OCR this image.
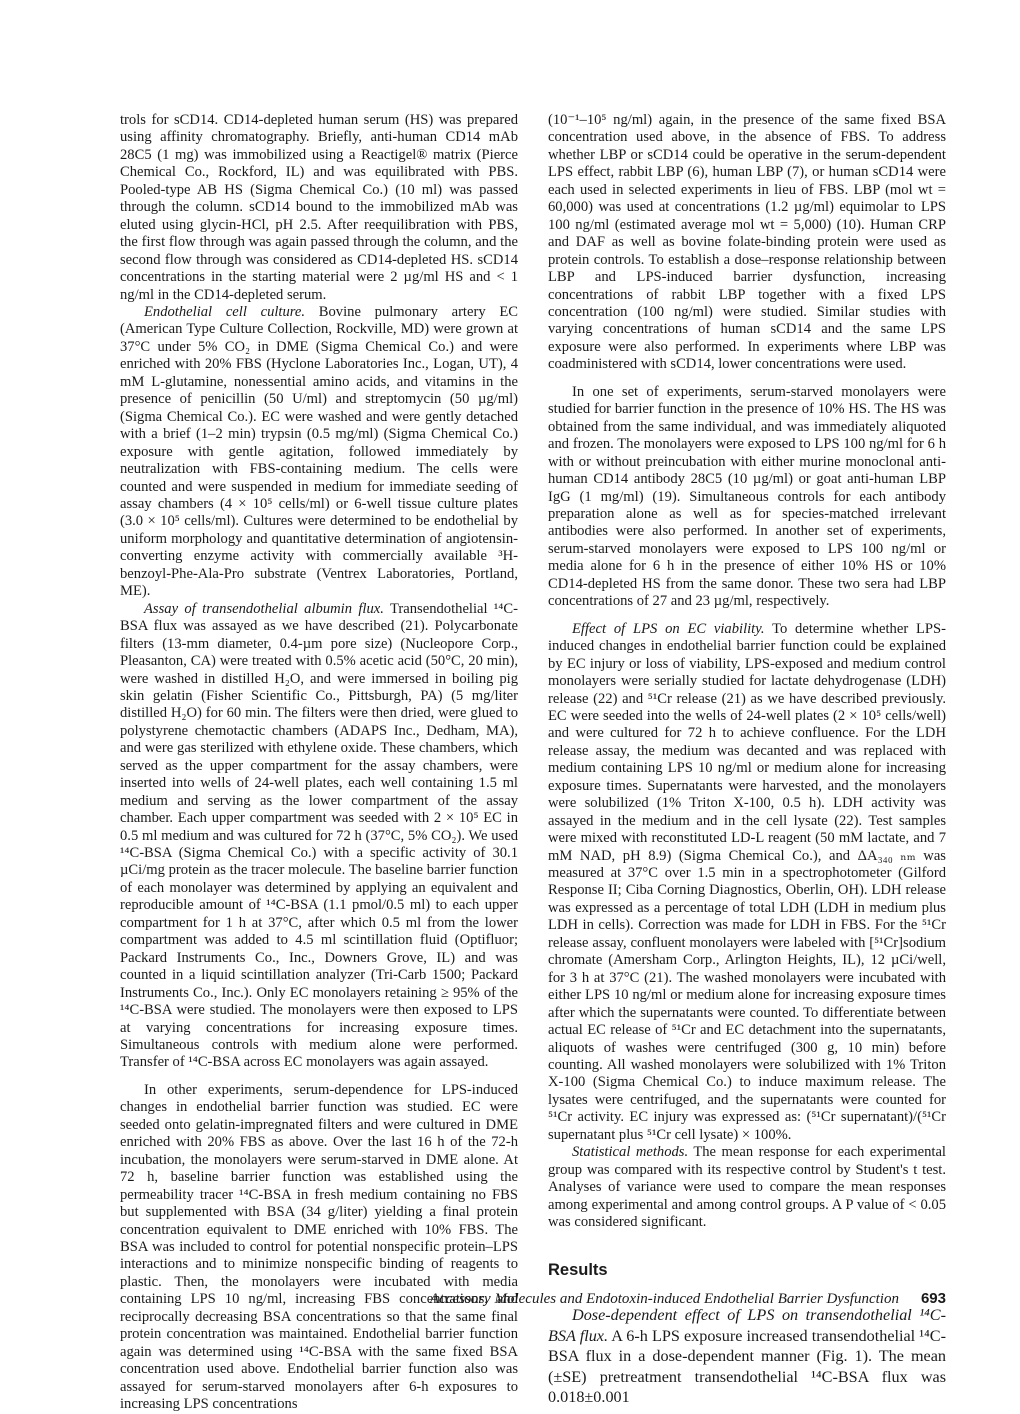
trols for sCD14. CD14-depleted human serum (HS) was prepared using affinity chromatography. Briefly, anti-human CD14 mAb 28C5 (1 mg) was immobilized using a Reactigel® matrix (Pierce Chemical Co., Rockford, IL) and was equilibrated with PBS. Pooled-type AB HS (Sigma Chemical Co.) (10 ml) was passed through the column. sCD14 bound to the immobilized mAb was eluted using glycin-HCl, pH 2.5. After reequilibration with PBS, the first flow through was again passed through the column, and the second flow through was considered as CD14-depleted HS. sCD14 concentrations in the starting material were 2 µg/ml HS and < 1 ng/ml in the CD14-depleted serum.

Endothelial cell culture. Bovine pulmonary artery EC (American Type Culture Collection, Rockville, MD) were grown at 37°C under 5% CO₂ in DME (Sigma Chemical Co.) and were enriched with 20% FBS (Hyclone Laboratories Inc., Logan, UT), 4 mM L-glutamine, nonessential amino acids, and vitamins in the presence of penicillin (50 U/ml) and streptomycin (50 µg/ml) (Sigma Chemical Co.). EC were washed and were gently detached with a brief (1–2 min) trypsin (0.5 mg/ml) (Sigma Chemical Co.) exposure with gentle agitation, followed immediately by neutralization with FBS-containing medium. The cells were counted and were suspended in medium for immediate seeding of assay chambers (4 × 10⁵ cells/ml) or 6-well tissue culture plates (3.0 × 10⁵ cells/ml). Cultures were determined to be endothelial by uniform morphology and quantitative determination of angiotensin-converting enzyme activity with commercially available ³H-benzoyl-Phe-Ala-Pro substrate (Ventrex Laboratories, Portland, ME).

Assay of transendothelial albumin flux. Transendothelial ¹⁴C-BSA flux was assayed as we have described (21). Polycarbonate filters (13-mm diameter, 0.4-µm pore size) (Nucleopore Corp., Pleasanton, CA) were treated with 0.5% acetic acid (50°C, 20 min), were washed in distilled H₂O, and were immersed in boiling pig skin gelatin (Fisher Scientific Co., Pittsburgh, PA) (5 mg/liter distilled H₂O) for 60 min. The filters were then dried, were glued to polystyrene chemotactic chambers (ADAPS Inc., Dedham, MA), and were gas sterilized with ethylene oxide. These chambers, which served as the upper compartment for the assay chambers, were inserted into wells of 24-well plates, each well containing 1.5 ml medium and serving as the lower compartment of the assay chamber. Each upper compartment was seeded with 2 × 10⁵ EC in 0.5 ml medium and was cultured for 72 h (37°C, 5% CO₂). We used ¹⁴C-BSA (Sigma Chemical Co.) with a specific activity of 30.1 µCi/mg protein as the tracer molecule. The baseline barrier function of each monolayer was determined by applying an equivalent and reproducible amount of ¹⁴C-BSA (1.1 pmol/0.5 ml) to each upper compartment for 1 h at 37°C, after which 0.5 ml from the lower compartment was added to 4.5 ml scintillation fluid (Optifluor; Packard Instruments Co., Inc., Downers Grove, IL) and was counted in a liquid scintillation analyzer (Tri-Carb 1500; Packard Instruments Co., Inc.). Only EC monolayers retaining ≥ 95% of the ¹⁴C-BSA were studied. The monolayers were then exposed to LPS at varying concentrations for increasing exposure times. Simultaneous controls with medium alone were performed. Transfer of ¹⁴C-BSA across EC monolayers was again assayed.

In other experiments, serum-dependence for LPS-induced changes in endothelial barrier function was studied. EC were seeded onto gelatin-impregnated filters and were cultured in DME enriched with 20% FBS as above. Over the last 16 h of the 72-h incubation, the monolayers were serum-starved in DME alone. At 72 h, baseline barrier function was established using the permeability tracer ¹⁴C-BSA in fresh medium containing no FBS but supplemented with BSA (34 g/liter) yielding a final protein concentration equivalent to DME enriched with 10% FBS. The BSA was included to control for potential nonspecific protein–LPS interactions and to minimize nonspecific binding of reagents to plastic. Then, the monolayers were incubated with media containing LPS 10 ng/ml, increasing FBS concentrations, and reciprocally decreasing BSA concentrations so that the same final protein concentration was maintained. Endothelial barrier function again was determined using ¹⁴C-BSA with the same fixed BSA concentration used above. Endothelial barrier function also was assayed for serum-starved monolayers after 6-h exposures to increasing LPS concentrations

(10⁻¹–10⁵ ng/ml) again, in the presence of the same fixed BSA concentration used above, in the absence of FBS. To address whether LBP or sCD14 could be operative in the serum-dependent LPS effect, rabbit LBP (6), human LBP (7), or human sCD14 were each used in selected experiments in lieu of FBS. LBP (mol wt = 60,000) was used at concentrations (1.2 µg/ml) equimolar to LPS 100 ng/ml (estimated average mol wt = 5,000) (10). Human CRP and DAF as well as bovine folate-binding protein were used as protein controls. To establish a dose–response relationship between LBP and LPS-induced barrier dysfunction, increasing concentrations of rabbit LBP together with a fixed LPS concentration (100 ng/ml) were studied. Similar studies with varying concentrations of human sCD14 and the same LPS exposure were also performed. In experiments where LBP was coadministered with sCD14, lower concentrations were used.

In one set of experiments, serum-starved monolayers were studied for barrier function in the presence of 10% HS. The HS was obtained from the same individual, and was immediately aliquoted and frozen. The monolayers were exposed to LPS 100 ng/ml for 6 h with or without preincubation with either murine monoclonal anti-human CD14 antibody 28C5 (10 µg/ml) or goat anti-human LBP IgG (1 mg/ml) (19). Simultaneous controls for each antibody preparation alone as well as for species-matched irrelevant antibodies were also performed. In another set of experiments, serum-starved monolayers were exposed to LPS 100 ng/ml or media alone for 6 h in the presence of either 10% HS or 10% CD14-depleted HS from the same donor. These two sera had LBP concentrations of 27 and 23 µg/ml, respectively.

Effect of LPS on EC viability. To determine whether LPS-induced changes in endothelial barrier function could be explained by EC injury or loss of viability, LPS-exposed and medium control monolayers were serially studied for lactate dehydrogenase (LDH) release (22) and ⁵¹Cr release (21) as we have described previously. EC were seeded into the wells of 24-well plates (2 × 10⁵ cells/well) and were cultured for 72 h to achieve confluence. For the LDH release assay, the medium was decanted and was replaced with medium containing LPS 10 ng/ml or medium alone for increasing exposure times. Supernatants were harvested, and the monolayers were solubilized (1% Triton X-100, 0.5 h). LDH activity was assayed in the medium and in the cell lysate (22). Test samples were mixed with reconstituted LD-L reagent (50 mM lactate, and 7 mM NAD, pH 8.9) (Sigma Chemical Co.), and ΔA₃₄₀ ₙₘ was measured at 37°C over 1.5 min in a spectrophotometer (Gilford Response II; Ciba Corning Diagnostics, Oberlin, OH). LDH release was expressed as a percentage of total LDH (LDH in medium plus LDH in cells). Correction was made for LDH in FBS. For the ⁵¹Cr release assay, confluent monolayers were labeled with [⁵¹Cr]sodium chromate (Amersham Corp., Arlington Heights, IL), 12 µCi/well, for 3 h at 37°C (21). The washed monolayers were incubated with either LPS 10 ng/ml or medium alone for increasing exposure times after which the supernatants were counted. To differentiate between actual EC release of ⁵¹Cr and EC detachment into the supernatants, aliquots of washes were centrifuged (300 g, 10 min) before counting. All washed monolayers were solubilized with 1% Triton X-100 (Sigma Chemical Co.) to induce maximum release. The lysates were centrifuged, and the supernatants were counted for ⁵¹Cr activity. EC injury was expressed as: (⁵¹Cr supernatant)/(⁵¹Cr supernatant plus ⁵¹Cr cell lysate) × 100%.

Statistical methods. The mean response for each experimental group was compared with its respective control by Student's t test. Analyses of variance were used to compare the mean responses among experimental and among control groups. A P value of < 0.05 was considered significant.

Results

Dose-dependent effect of LPS on transendothelial ¹⁴C-BSA flux. A 6-h LPS exposure increased transendothelial ¹⁴C-BSA flux in a dose-dependent manner (Fig. 1). The mean (±SE) pretreatment transendothelial ¹⁴C-BSA flux was 0.018±0.001

Accessory Molecules and Endotoxin-induced Endothelial Barrier Dysfunction 693
